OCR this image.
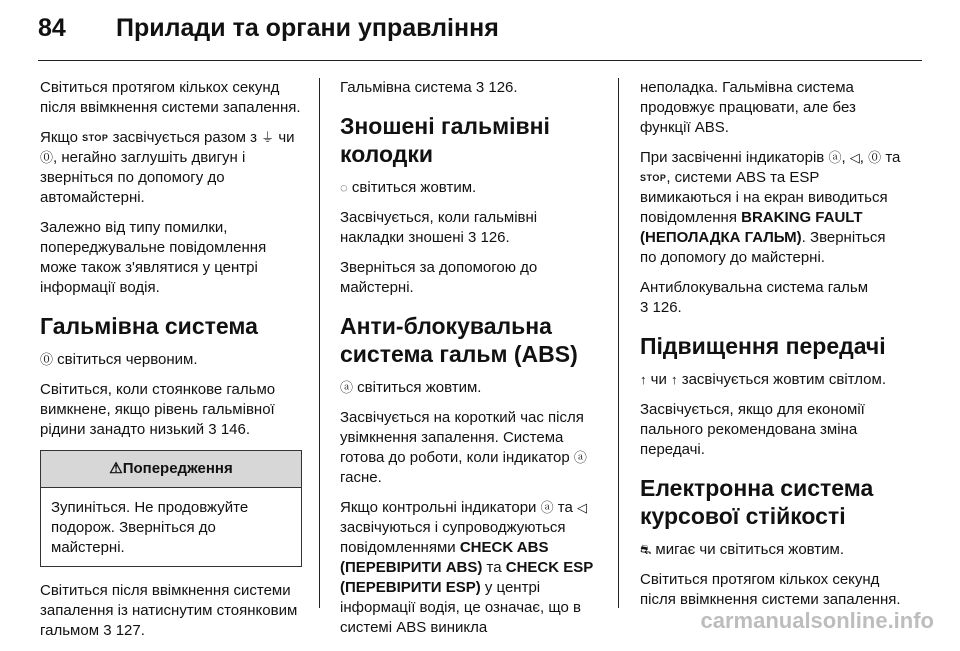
84 Прилади та органи управління

Світиться протягом кількох секунд після ввімкнення системи запалення.

Якщо STOP засвічується разом з ⏚ чи ⓪, негайно заглушіть двигун і зверніться по допомогу до автомайстерні.

Залежно від типу помилки, попереджувальне повідомлення може також з'являтися у центрі інформації водія.

Гальмівна система

⓪ світиться червоним.

Світиться, коли стоянкове гальмо вимкнене, якщо рівень гальмівної рідини занадто низький 3 146.

⚠Попередження
Зупиніться. Не продовжуйте подорож. Зверніться до майстерні.

Світиться після ввімкнення системи запалення із натиснутим стоянковим гальмом 3 127.

Гальмівна система 3 126.

Зношені гальмівні колодки

◌ світиться жовтим.

Засвічується, коли гальмівні накладки зношені 3 126.

Зверніться за допомогою до майстерні.

Анти-блокувальна система гальм (ABS)

ⓐ світиться жовтим.

Засвічується на короткий час після увімкнення запалення. Система готова до роботи, коли індикатор ⓐ гасне.

Якщо контрольні індикатори ⓐ та ◁ засвічуються і супроводжуються повідомленнями CHECK ABS (ПЕРЕВІРИТИ ABS) та CHECK ESP (ПЕРЕВІРИТИ ESP) у центрі інформації водія, це означає, що в системі ABS виникла

неполадка. Гальмівна система продовжує працювати, але без функції ABS.

При засвіченні індикаторів ⓐ, ◁, ⓪ та STOP, системи ABS та ESP вимикаються і на екран виводиться повідомлення BRAKING FAULT (НЕПОЛАДКА ГАЛЬМ). Зверніться по допомогу до майстерні.

Антиблокувальна система гальм
3 126.

Підвищення передачі

↑ чи ↑ засвічується жовтим світлом.

Засвічується, якщо для економії пального рекомендована зміна передачі.

Електронна система курсової стійкості

⛐ мигає чи світиться жовтим.

Світиться протягом кількох секунд після ввімкнення системи запалення.

carmanualsonline.info
